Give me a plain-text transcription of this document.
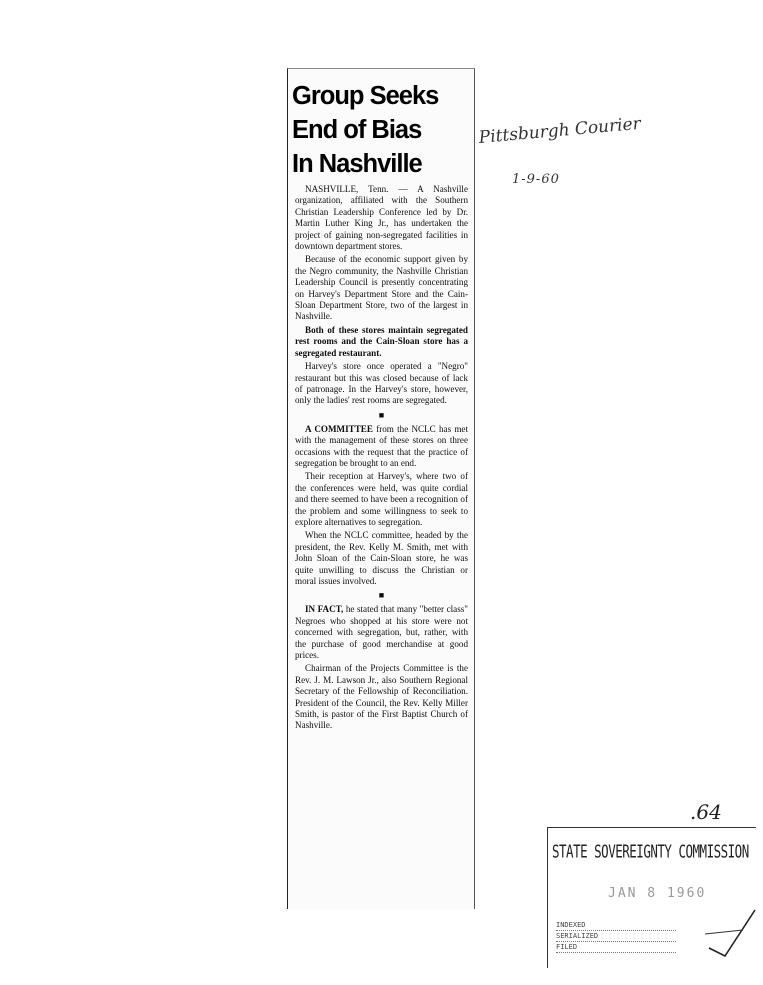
Group Seeks
End of Bias
In Nashville

NASHVILLE, Tenn. — A Nashville organization, affiliated with the Southern Christian Leadership Conference led by Dr. Martin Luther King Jr., has undertaken the project of gaining non-segregated facilities in downtown department stores.

Because of the economic support given by the Negro community, the Nashville Christian Leadership Council is presently concentrating on Harvey's Department Store and the Cain-Sloan Department Store, two of the largest in Nashville.

Both of these stores maintain segregated rest rooms and the Cain-Sloan store has a segregated restaurant.

Harvey's store once operated a "Negro" restaurant but this was closed because of lack of patronage. In the Harvey's store, however, only the ladies' rest rooms are segregated.

■

A COMMITTEE from the NCLC has met with the management of these stores on three occasions with the request that the practice of segregation be brought to an end.

Their reception at Harvey's, where two of the conferences were held, was quite cordial and there seemed to have been a recognition of the problem and some willingness to seek to explore alternatives to segregation.

When the NCLC committee, headed by the president, the Rev. Kelly M. Smith, met with John Sloan of the Cain-Sloan store, he was quite unwilling to discuss the Christian or moral issues involved.

■

IN FACT, he stated that many "better class" Negroes who shopped at his store were not concerned with segregation, but, rather, with the purchase of good merchandise at good prices.

Chairman of the Projects Committee is the Rev. J. M. Lawson Jr., also Southern Regional Secretary of the Fellowship of Reconciliation. President of the Council, the Rev. Kelly Miller Smith, is pastor of the First Baptist Church of Nashville.

Pittsburgh Courier
1-9-60
.64
STATE SOVEREIGNTY COMMISSION
JAN 8 1960
INDEXED
SERIALIZED
FILED
